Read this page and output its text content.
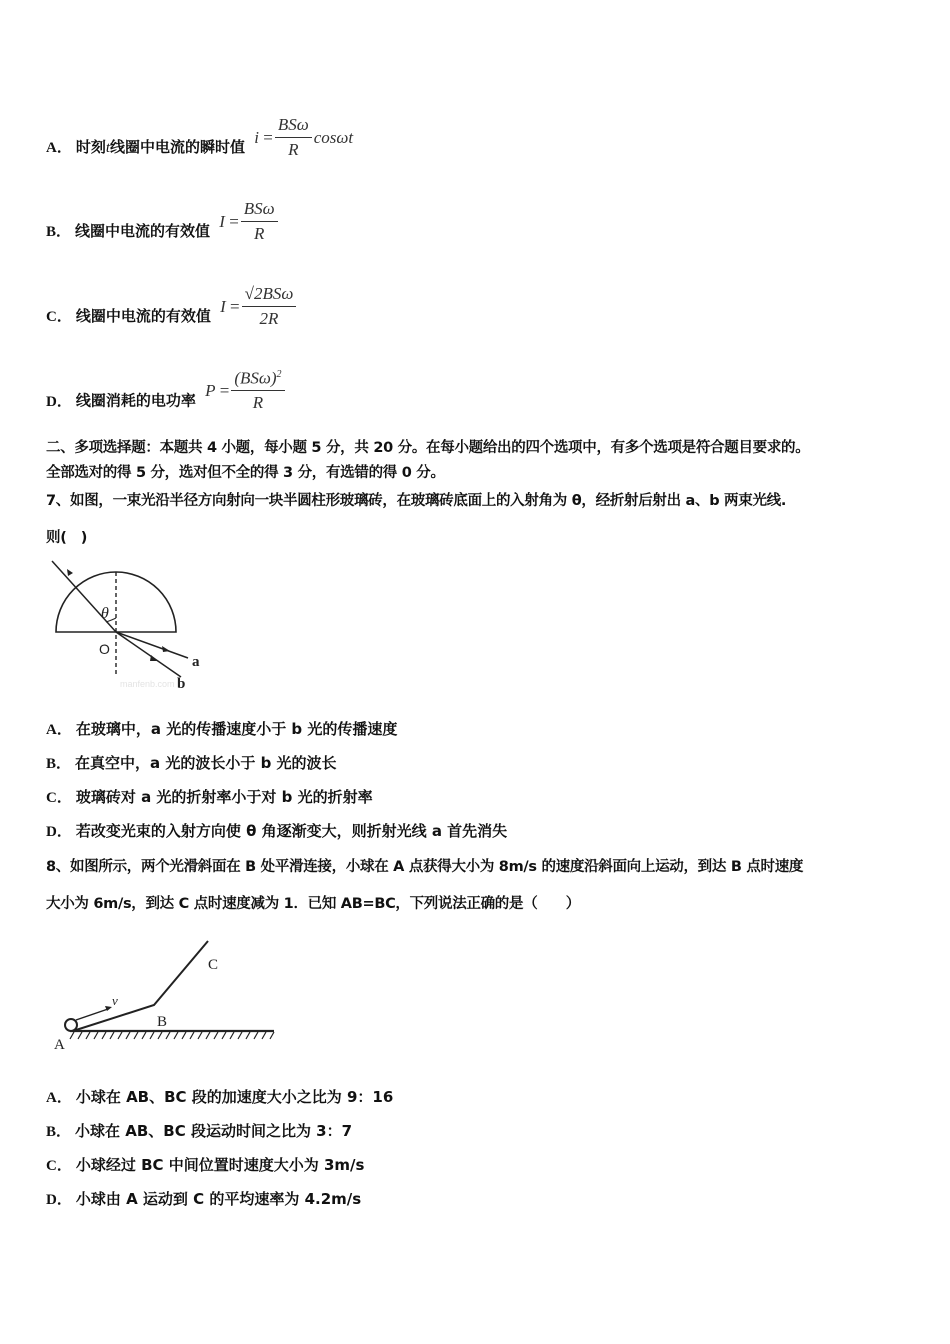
A． 时刻t线圈中电流的瞬时值
$i = \frac{\text{BSω}}{R}$ cosωt
B． 线圈中电流的有效值
$I = \frac{\text{BSω}}{R}$
C． 线圈中电流的有效值
$I = \frac{\text{√2BSω}}{2R}$
D． 线圈消耗的电功率
$P = \frac{(BS\omega)^2}{R}$
二、多项选择题：本题共 4 小题，每小题 5 分，共 20 分。在每小题给出的四个选项中，有多个选项是符合题目要求的。
全部选对的得 5 分，选对但不全的得 3 分，有选错的得 0 分。
7、如图，一束光沿半径方向射向一块半圆柱形玻璃砖，在玻璃砖底面上的入射角为 θ，经折射后射出 a、b 两束光线.
则(　)
θ
O
a
b
manfenb.com
A． 在玻璃中，a 光的传播速度小于 b 光的传播速度
B． 在真空中，a 光的波长小于 b 光的波长
C． 玻璃砖对 a 光的折射率小于对 b 光的折射率
D． 若改变光束的入射方向使 θ 角逐渐变大，则折射光线 a 首先消失
8、如图所示，两个光滑斜面在 B 处平滑连接，小球在 A 点获得大小为 8m/s 的速度沿斜面向上运动，到达 B 点时速度
大小为 6m/s，到达 C 点时速度减为 1．已知 AB=BC，下列说法正确的是（　　）
v
A
B
C
A． 小球在 AB、BC 段的加速度大小之比为 9：16
B． 小球在 AB、BC 段运动时间之比为 3：7
C． 小球经过 BC 中间位置时速度大小为 3m/s
D． 小球由 A 运动到 C 的平均速率为 4.2m/s
